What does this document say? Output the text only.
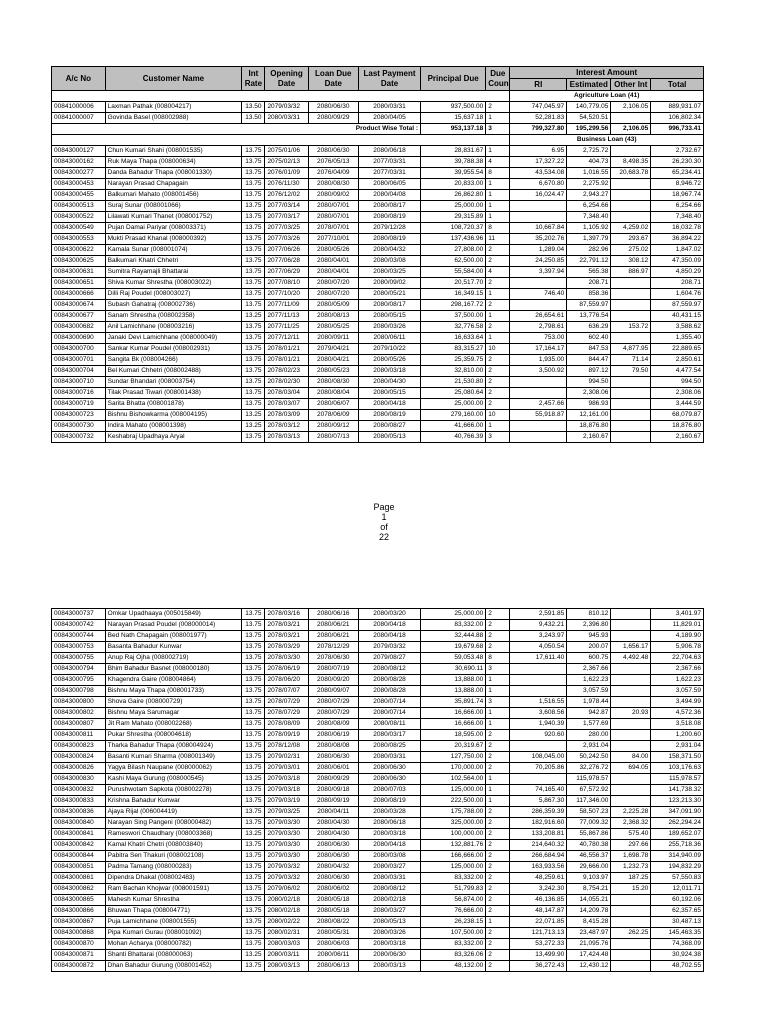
A/c No	Customer Name	Int Rate	Opening Date	Loan Due Date	Last Payment Date	Principal Due	Due Coun	Interest Amount			
								RI	Estimated	Other Int	Total
								Agriculture Loan (41)			
00841000006	Laxman Pathak (008004217)	13.50	2079/03/32	2080/06/30	2080/03/31	937,500.00	2	747,045.97	140,779.05	2,106.05	889,931.07
00841000007	Govinda Basel (008002988)	13.50	2080/03/31	2080/09/29	2080/04/05	15,637.18	1	52,281.83	54,520.51		106,802.34
Product Wise Total :						953,137.18	3	799,327.80	195,299.56	2,106.05	996,733.41
								Business Loan (43)			
00843000127	Chun Kumari Shahi (008001535)	13.75	2075/01/06	2080/06/30	2080/06/18	28,831.67	1	6.95	2,725.72		2,732.67
00843000162	Ruk Maya Thapa (008000634)	13.75	2075/02/13	2076/05/13	2077/03/31	39,788.38	4	17,327.22	404.73	8,498.35	26,230.30
00843000277	Danda Bahadur Thapa (008001330)	13.75	2076/01/09	2076/04/09	2077/03/31	39,955.54	8	43,534.08	1,016.55	20,683.78	65,234.41
00843000453	Narayan Prasad Chapagain	13.75	2076/11/30	2080/08/30	2080/06/05	20,833.00	1	6,670.80	2,275.92		8,946.72
00843000455	Balkumari Mahato (008001456)	13.75	2076/12/02	2080/09/02	2080/04/08	26,862.80	1	16,024.47	2,943.27		18,967.74
00843000513	Suraj Sunar (008001066)	13.75	2077/03/14	2080/07/01	2080/08/17	25,000.00	1		6,254.66		6,254.66
00843000522	Lilawati Kumari Thanet (008001752)	13.75	2077/03/17	2080/07/01	2080/08/19	29,315.89	1		7,348.40		7,348.40
00843000549	Pujan Damai Pariyar (008003371)	13.75	2077/03/25	2078/07/01	2079/12/28	108,720.37	8	10,667.84	1,105.92	4,259.02	16,032.78
00843000553	Mukti Prasad Khanal (008000392)	13.75	2077/03/26	2077/10/01	2080/08/19	137,436.96	11	35,202.76	1,397.79	293.67	36,894.22
00843000622	Kamala Sunar (008001074)	13.75	2077/06/26	2080/05/26	2080/04/32	27,808.00	2	1,289.04	282.96	275.02	1,847.02
00843000625	Balkumari Khatri Chhetri	13.75	2077/06/28	2080/04/01	2080/03/08	62,500.00	2	24,250.85	22,791.12	308.12	47,350.09
00843000631	Sumitra Rayamajli Bhattarai	13.75	2077/06/29	2080/04/01	2080/03/25	55,584.00	4	3,397.94	565.38	886.97	4,850.29
00843000651	Shiva Kumar Shrestha (008003022)	13.75	2077/08/10	2080/07/20	2080/09/02	20,517.70	2		208.71		208.71
00843000666	Dilli Raj Poudel (008003027)	13.75	2077/10/20	2080/07/20	2080/05/21	16,349.15	1	746.40	858.36		1,604.76
00843000674	Subash Gahatraj (008002736)	13.75	2077/11/09	2080/05/09	2080/08/17	298,167.72	2		87,559.97		87,559.97
00843000677	Sanam Shrestha (008002358)	13.25	2077/11/13	2080/08/13	2080/05/15	37,500.00	1	26,654.61	13,776.54		40,431.15
00843000682	Anil Lamichhane (008003216)	13.75	2077/11/25	2080/05/25	2080/03/26	32,776.58	2	2,798.61	636.29	153.72	3,588.62
00843000690	Janaki Devi Lamichhane (008000049)	13.75	2077/12/11	2080/09/11	2080/06/11	16,633.64	1	753.00	602.40		1,355.40
00843000700	Sankar Kumar Poudel (008002931)	13.75	2078/01/21	2079/04/21	2079/10/22	83,315.27	10	17,164.17	847.53	4,877.95	22,889.65
00843000701	Sangita Bk (008004266)	13.75	2078/01/21	2080/04/21	2080/05/26	25,359.75	2	1,935.00	844.47	71.14	2,850.61
00843000704	Bel Kumari Chhetri (008002488)	13.75	2078/02/23	2080/05/23	2080/03/18	32,810.00	2	3,500.92	897.12	79.50	4,477.54
00843000710	Sundar Bhandari (008003754)	13.75	2078/02/30	2080/08/30	2080/04/30	21,530.80	2		994.50		994.50
00843000716	Tilak Prasad Tiwari (008001438)	13.75	2078/03/04	2080/08/04	2080/05/15	25,080.64	2		2,308.06		2,308.06
00843000719	Sarita Bhatta (008001878)	13.75	2078/03/07	2080/06/07	2080/04/18	25,000.00	2	2,457.66	986.93		3,444.59
00843000723	Bishnu Bishowkarma (008004195)	13.25	2078/03/09	2078/06/09	2080/08/19	279,160.00	10	55,918.87	12,161.00		68,079.87
00843000730	Indira Mahato (008001398)	13.25	2078/03/12	2080/09/12	2080/08/27	41,666.00	1		18,876.80		18,876.80
00843000732	Keshabraj Upadhaya Aryal	13.75	2078/03/13	2080/07/13	2080/05/13	40,766.39	3		2,160.67		2,160.67
Page
1
of
22
00843000737	Omkar Upadhaaya (005015849)	13.75	2078/03/16	2080/06/16	2080/03/20	25,000.00	2	2,591.85	810.12		3,401.97
00843000742	Narayan Prasad Poudel (008000014)	13.75	2078/03/21	2080/06/21	2080/04/18	83,332.00	2	9,432.21	2,396.80		11,829.01
00843000744	Bed Nath Chapagain (008001977)	13.75	2078/03/21	2080/06/21	2080/04/18	32,444.88	2	3,243.97	945.93		4,189.90
00843000753	Basanta Bahadur Kunwar	13.75	2078/03/29	2078/12/29	2079/03/32	19,679.68	2	4,050.54	200.07	1,656.17	5,906.78
00843000755	Anup Raj Ojha (008002719)	13.75	2078/03/30	2078/06/30	2079/08/27	59,053.48	8	17,611.40	600.75	4,492.48	22,704.63
00843000794	Bhim Bahadur Basnet (008000180)	13.75	2078/06/19	2080/07/19	2080/08/12	30,690.11	3		2,367.66		2,367.66
00843000795	Khagendra Gaire (008004864)	13.75	2078/06/20	2080/09/20	2080/08/28	13,888.00	1		1,622.23		1,622.23
00843000798	Bishnu Maya Thapa (008001733)	13.75	2078/07/07	2080/09/07	2080/08/28	13,888.00	1		3,057.59		3,057.59
00843000800	Shova Gaire (008000729)	13.75	2078/07/29	2080/07/29	2080/07/14	35,891.74	3	1,516.55	1,978.44		3,494.99
00843000802	Bishnu Maya Sarumagar	13.75	2078/07/29	2080/07/29	2080/07/14	16,666.00	1	3,608.56	942.87	20.93	4,572.36
00843000807	Jit Ram Mahato (008002268)	13.75	2078/08/09	2080/08/09	2080/08/11	16,666.00	1	1,940.39	1,577.69		3,518.08
00843000811	Pukar Shrestha (008004618)	13.75	2078/09/19	2080/06/19	2080/03/17	18,595.00	2	920.60	280.00		1,200.60
00843000823	Tharka Bahadur Thapa (008004924)	13.75	2078/12/08	2080/08/08	2080/08/25	20,319.67	2		2,931.04		2,931.04
00843000824	Basanti Kumari Sharma (008001349)	13.75	2079/02/31	2080/06/30	2080/03/31	127,750.00	2	108,045.00	50,242.50	84.00	158,371.50
00843000826	Yagya Bilash Naupane (008000062)	13.75	2079/03/01	2080/06/01	2080/06/30	170,000.00	2	70,205.86	32,276.72	694.05	103,176.63
00843000830	Kashi Maya Gurung (008000545)	13.25	2079/03/18	2080/09/29	2080/06/30	102,564.00	1		115,978.57		115,978.57
00843000832	Purushwotam Sapkota (008002278)	13.75	2079/03/18	2080/09/18	2080/07/03	125,000.00	1	74,165.40	67,572.92		141,738.32
00843000833	Krishna Bahadur Kunwar	13.75	2079/03/19	2080/09/19	2080/08/19	222,500.00	1	5,867.30	117,346.00		123,213.30
00843000836	Ajaya Rijal (006004419)	13.75	2079/03/25	2080/04/11	2080/03/28	175,788.00	2	286,359.39	58,507.23	2,225.28	347,091.90
00843000840	Narayan Sing Pangeni (008000482)	13.75	2079/03/30	2080/04/30	2080/06/18	325,000.00	2	182,916.60	77,009.32	2,368.32	262,294.24
00843000841	Rameswori Chaudhary (008003368)	13.25	2079/03/30	2080/04/30	2080/03/18	100,000.00	2	133,208.81	55,867.86	575.40	189,652.07
00843000842	Kamal Khatri Chetri (008003840)	13.75	2079/03/30	2080/06/30	2080/04/18	132,881.76	2	214,640.32	40,780.38	297.66	255,718.36
00843000844	Pabitra Sen Thakuri (008002108)	13.75	2079/03/30	2080/06/30	2080/03/08	166,666.00	2	266,684.94	46,556.37	1,698.78	314,940.09
00843000851	Padma Tamang (008000283)	13.75	2079/03/32	2080/04/32	2080/03/27	125,000.00	2	163,933.56	29,666.00	1,232.73	194,832.29
00843000861	Dipendra Dhakal (008002483)	13.75	2079/03/32	2080/06/30	2080/03/31	83,332.00	2	48,259.61	9,103.97	187.25	57,550.83
00843000862	Ram Bachan Khojwar (008001591)	13.75	2079/06/02	2080/06/02	2080/08/12	51,799.83	2	3,242.30	8,754.21	15.20	12,011.71
00843000865	Mahesh Kumar Shrestha	13.75	2080/02/18	2080/05/18	2080/02/18	56,874.00	2	46,136.85	14,055.21		60,192.06
00843000866	Bhuwan Thapa (008004771)	13.75	2080/02/18	2080/05/18	2080/03/27	76,666.00	2	48,147.87	14,209.78		62,357.65
00843000867	Puja Lamichhane (008001555)	13.75	2080/02/22	2080/08/22	2080/05/13	26,238.15	1	22,071.85	8,415.28		30,487.13
00843000868	Pipa Kumari Gurau (008001092)	13.75	2080/02/31	2080/05/31	2080/03/26	107,500.00	2	121,713.13	23,487.97	262.25	145,463.35
00843000870	Mohan Acharya (008000782)	13.75	2080/03/03	2080/06/03	2080/03/18	83,332.00	2	53,272.33	21,095.76		74,368.09
00843000871	Shanti Bhattarai (008000063)	13.25	2080/03/11	2080/06/11	2080/06/30	83,326.06	2	13,499.90	17,424.48		30,924.38
00843000872	Dhan Bahadur Gurung (008001452)	13.75	2080/03/13	2080/06/13	2080/03/13	48,132.00	2	36,272.43	12,430.12		48,702.55
